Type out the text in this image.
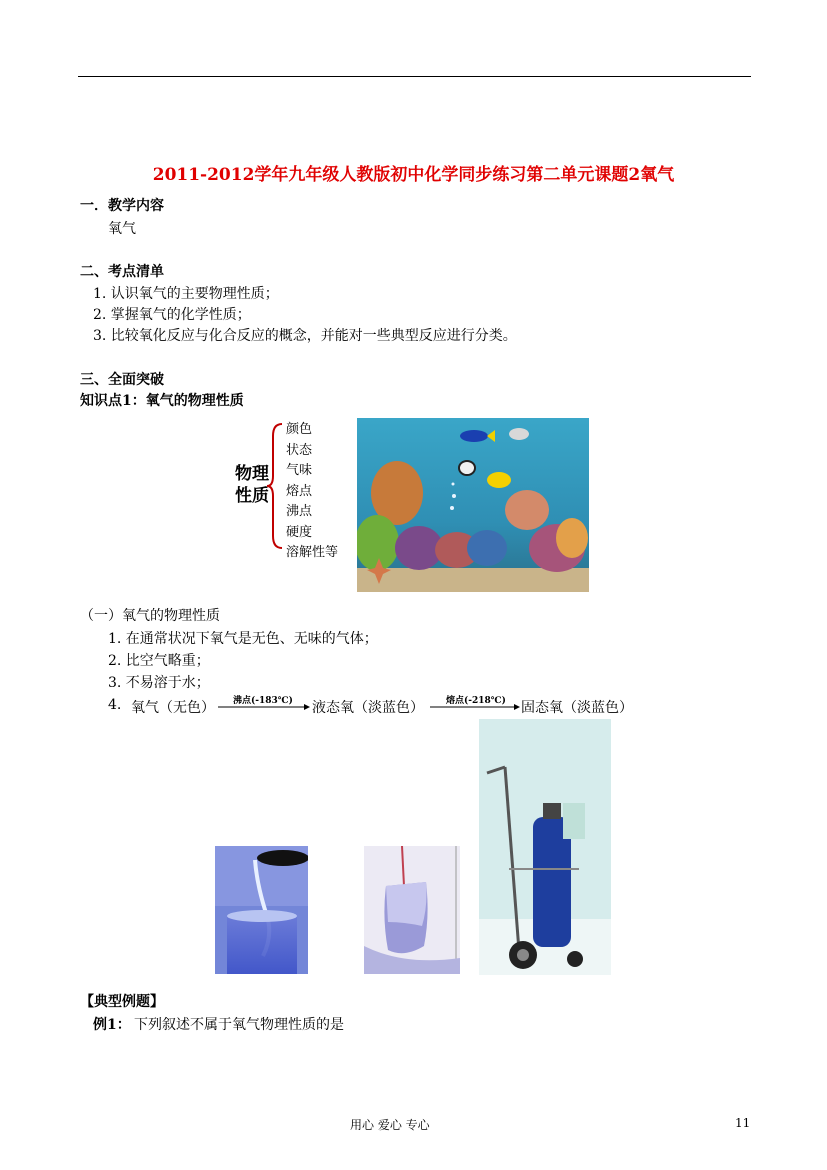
2011-2012学年九年级人教版初中化学同步练习第二单元课题2氧气
一．教学内容
氧气
二、考点清单
1. 认识氧气的主要物理性质；
2. 掌握氧气的化学性质；
3. 比较氧化反应与化合反应的概念，并能对一些典型反应进行分类。
三、全面突破
知识点1：氧气的物理性质
物理
性质
颜色
状态
气味
熔点
沸点
硬度
溶解性等
（一）氧气的物理性质
1. 在通常状况下氧气是无色、无味的气体；
2. 比空气略重；
3. 不易溶于水；
4. 氧气（无色） 沸点(-183℃) 液态氧（淡蓝色） 熔点(-218℃) 固态氧（淡蓝色）
【典型例题】
例1： 下列叙述不属于氧气物理性质的是
用心 爱心 专心	11
